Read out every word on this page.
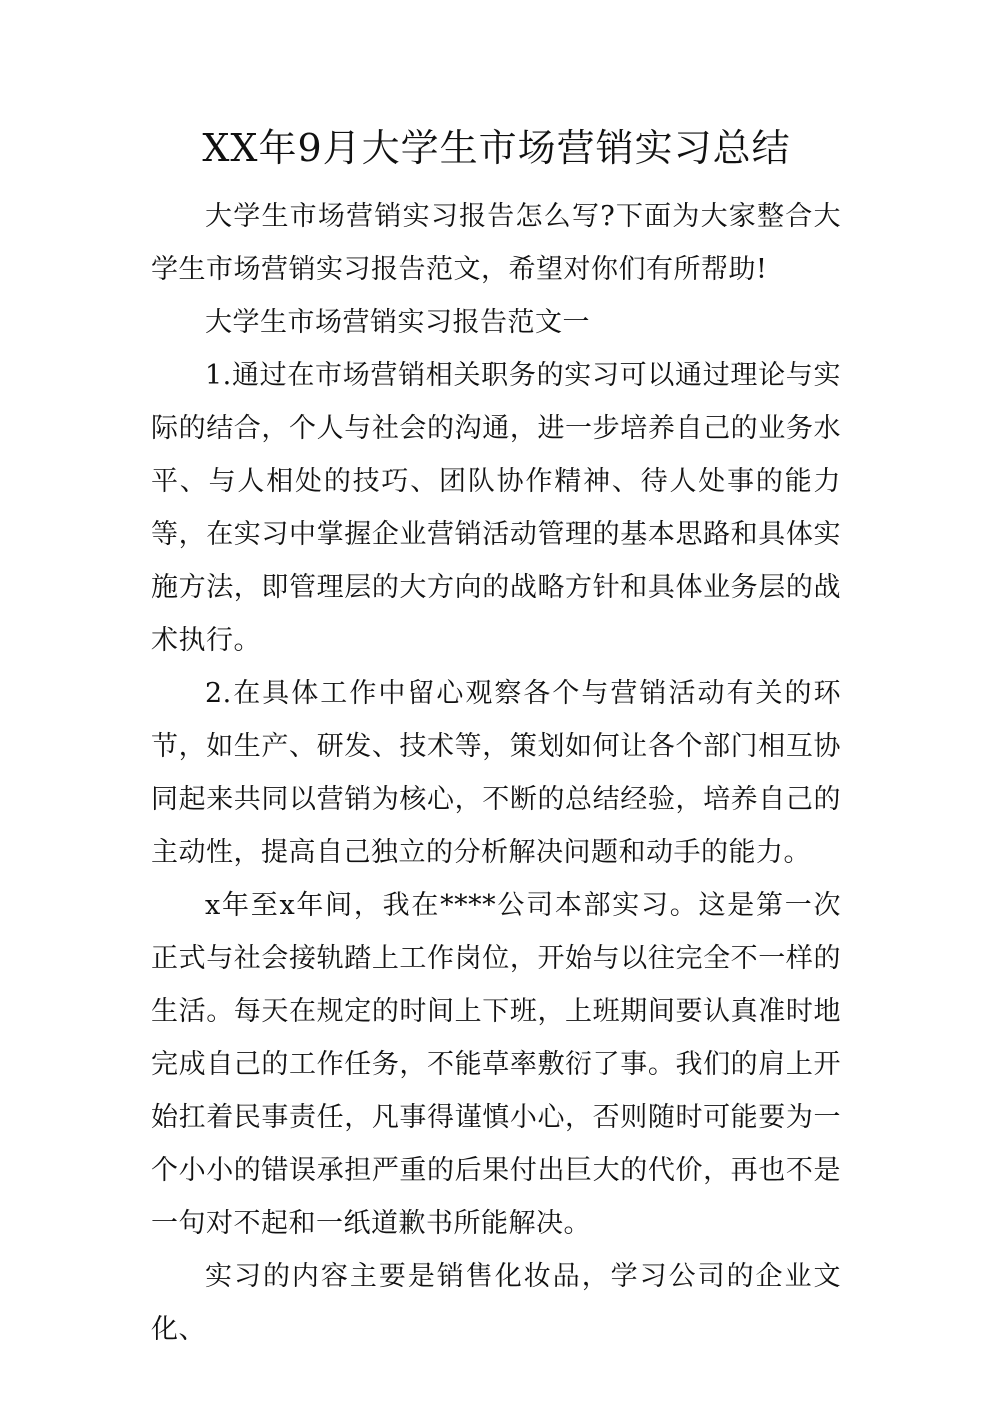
XX年9月大学生市场营销实习总结

大学生市场营销实习报告怎么写?下面为大家整合大学生市场营销实习报告范文，希望对你们有所帮助!

大学生市场营销实习报告范文一

1.通过在市场营销相关职务的实习可以通过理论与实际的结合，个人与社会的沟通，进一步培养自己的业务水平、与人相处的技巧、团队协作精神、待人处事的能力等，在实习中掌握企业营销活动管理的基本思路和具体实施方法，即管理层的大方向的战略方针和具体业务层的战术执行。

2.在具体工作中留心观察各个与营销活动有关的环节，如生产、研发、技术等，策划如何让各个部门相互协同起来共同以营销为核心，不断的总结经验，培养自己的主动性，提高自己独立的分析解决问题和动手的能力。

x年至x年间，我在****公司本部实习。这是第一次正式与社会接轨踏上工作岗位，开始与以往完全不一样的生活。每天在规定的时间上下班，上班期间要认真准时地完成自己的工作任务，不能草率敷衍了事。我们的肩上开始扛着民事责任，凡事得谨慎小心，否则随时可能要为一个小小的错误承担严重的后果付出巨大的代价，再也不是一句对不起和一纸道歉书所能解决。

实习的内容主要是销售化妆品，学习公司的企业文化、
